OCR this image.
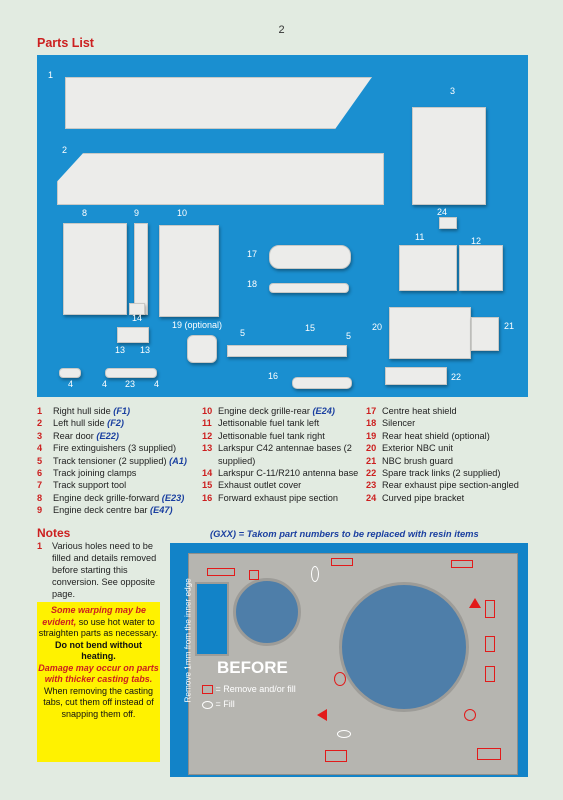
2
Parts List
1
2
3
8	9	10	24
11	12
17
18
14
19 (optional)
5	15
5
20	21
13 13
16	22
4	4 23 4
1	Right hull side (F1)
2	Left hull side (F2)
3	Rear door (E22)
4	Fire extinguishers (3 supplied)
5	Track tensioner (2 supplied) (A1)
6	Track joining clamps
7	Track support tool
8	Engine deck grille-forward (E23)
9	Engine deck centre bar (E47)
10 Engine deck grille-rear (E24)
11 Jettisonable fuel tank left
12 Jettisonable fuel tank right
13 Larkspur C42 antennae bases (2 supplied)
14 Larkspur C-11/R210 antenna base
15 Exhaust outlet cover
16 Forward exhaust pipe section
17 Centre heat shield
18 Silencer
19 Rear heat shield (optional)
20 Exterior NBC unit
21 NBC brush guard
22 Spare track links (2 supplied)
23 Rear exhaust pipe section-angled
24 Curved pipe bracket
Notes
1 Various holes need to be filled and details removed before starting this conversion. See opposite page.
(GXX) = Takom part numbers to be replaced with resin items
Some warping may be evident, so use hot water to straighten parts as necessary. Do not bend without heating.
Damage may occur on parts with thicker casting tabs.
When removing the casting tabs, cut them off instead of snapping them off.
BEFORE
= Remove and/or fill
= Fill
Remove 1mm from the inner edge
